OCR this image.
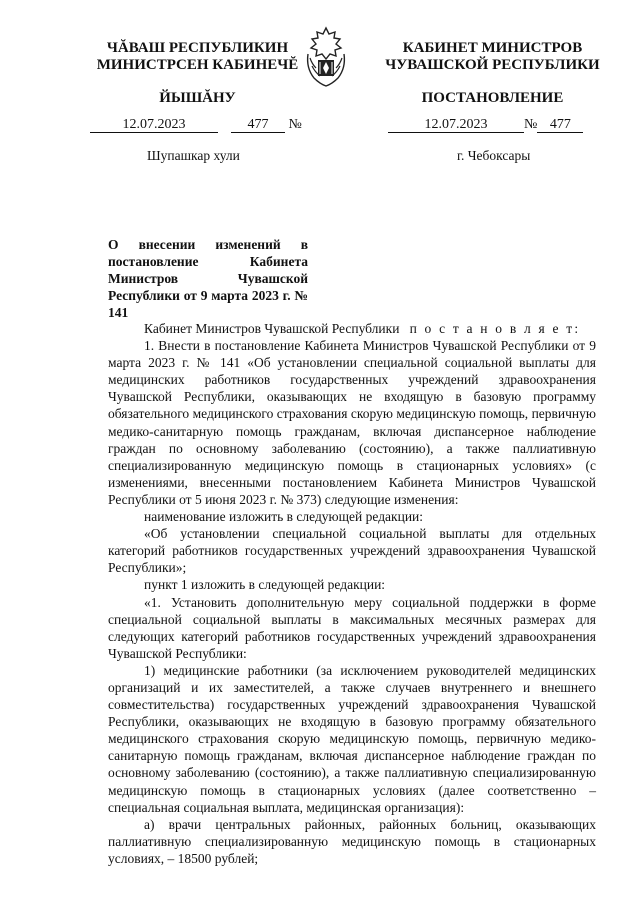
ЧĂВАШ РЕСПУБЛИКИН
МИНИСТРСЕН КАБИНЕЧĔ
ЙЫШĂНУ
КАБИНЕТ МИНИСТРОВ
ЧУВАШСКОЙ РЕСПУБЛИКИ
ПОСТАНОВЛЕНИЕ
12.07.2023	477 №	12.07.2023	№ 477
Шупашкар хули	г. Чебоксары
О внесении изменений в постановление Кабинета Министров Чувашской Республики от 9 марта 2023 г. № 141

Кабинет Министров Чувашской Республики п о с т а н о в л я е т:

1. Внести в постановление Кабинета Министров Чувашской Республики от 9 марта 2023 г. № 141 «Об установлении специальной социальной выплаты для медицинских работников государственных учреждений здравоохранения Чувашской Республики, оказывающих не входящую в базовую программу обязательного медицинского страхования скорую медицинскую помощь, первичную медико-санитарную помощь гражданам, включая диспансерное наблюдение граждан по основному заболеванию (состоянию), а также паллиативную специализированную медицинскую помощь в стационарных условиях» (с изменениями, внесенными постановлением Кабинета Министров Чувашской Республики от 5 июня 2023 г. № 373) следующие изменения:

наименование изложить в следующей редакции:

«Об установлении специальной социальной выплаты для отдельных категорий работников государственных учреждений здравоохранения Чувашской Республики»;

пункт 1 изложить в следующей редакции:

«1. Установить дополнительную меру социальной поддержки в форме специальной социальной выплаты в максимальных месячных размерах для следующих категорий работников государственных учреждений здравоохранения Чувашской Республики:

1) медицинские работники (за исключением руководителей медицинских организаций и их заместителей, а также случаев внутреннего и внешнего совместительства) государственных учреждений здравоохранения Чувашской Республики, оказывающих не входящую в базовую программу обязательного медицинского страхования скорую медицинскую помощь, первичную медико-санитарную помощь гражданам, включая диспансерное наблюдение граждан по основному заболеванию (состоянию), а также паллиативную специализированную медицинскую помощь в стационарных условиях (далее соответственно – специальная социальная выплата, медицинская организация):

а) врачи центральных районных, районных больниц, оказывающих паллиативную специализированную медицинскую помощь в стационарных условиях, – 18500 рублей;
